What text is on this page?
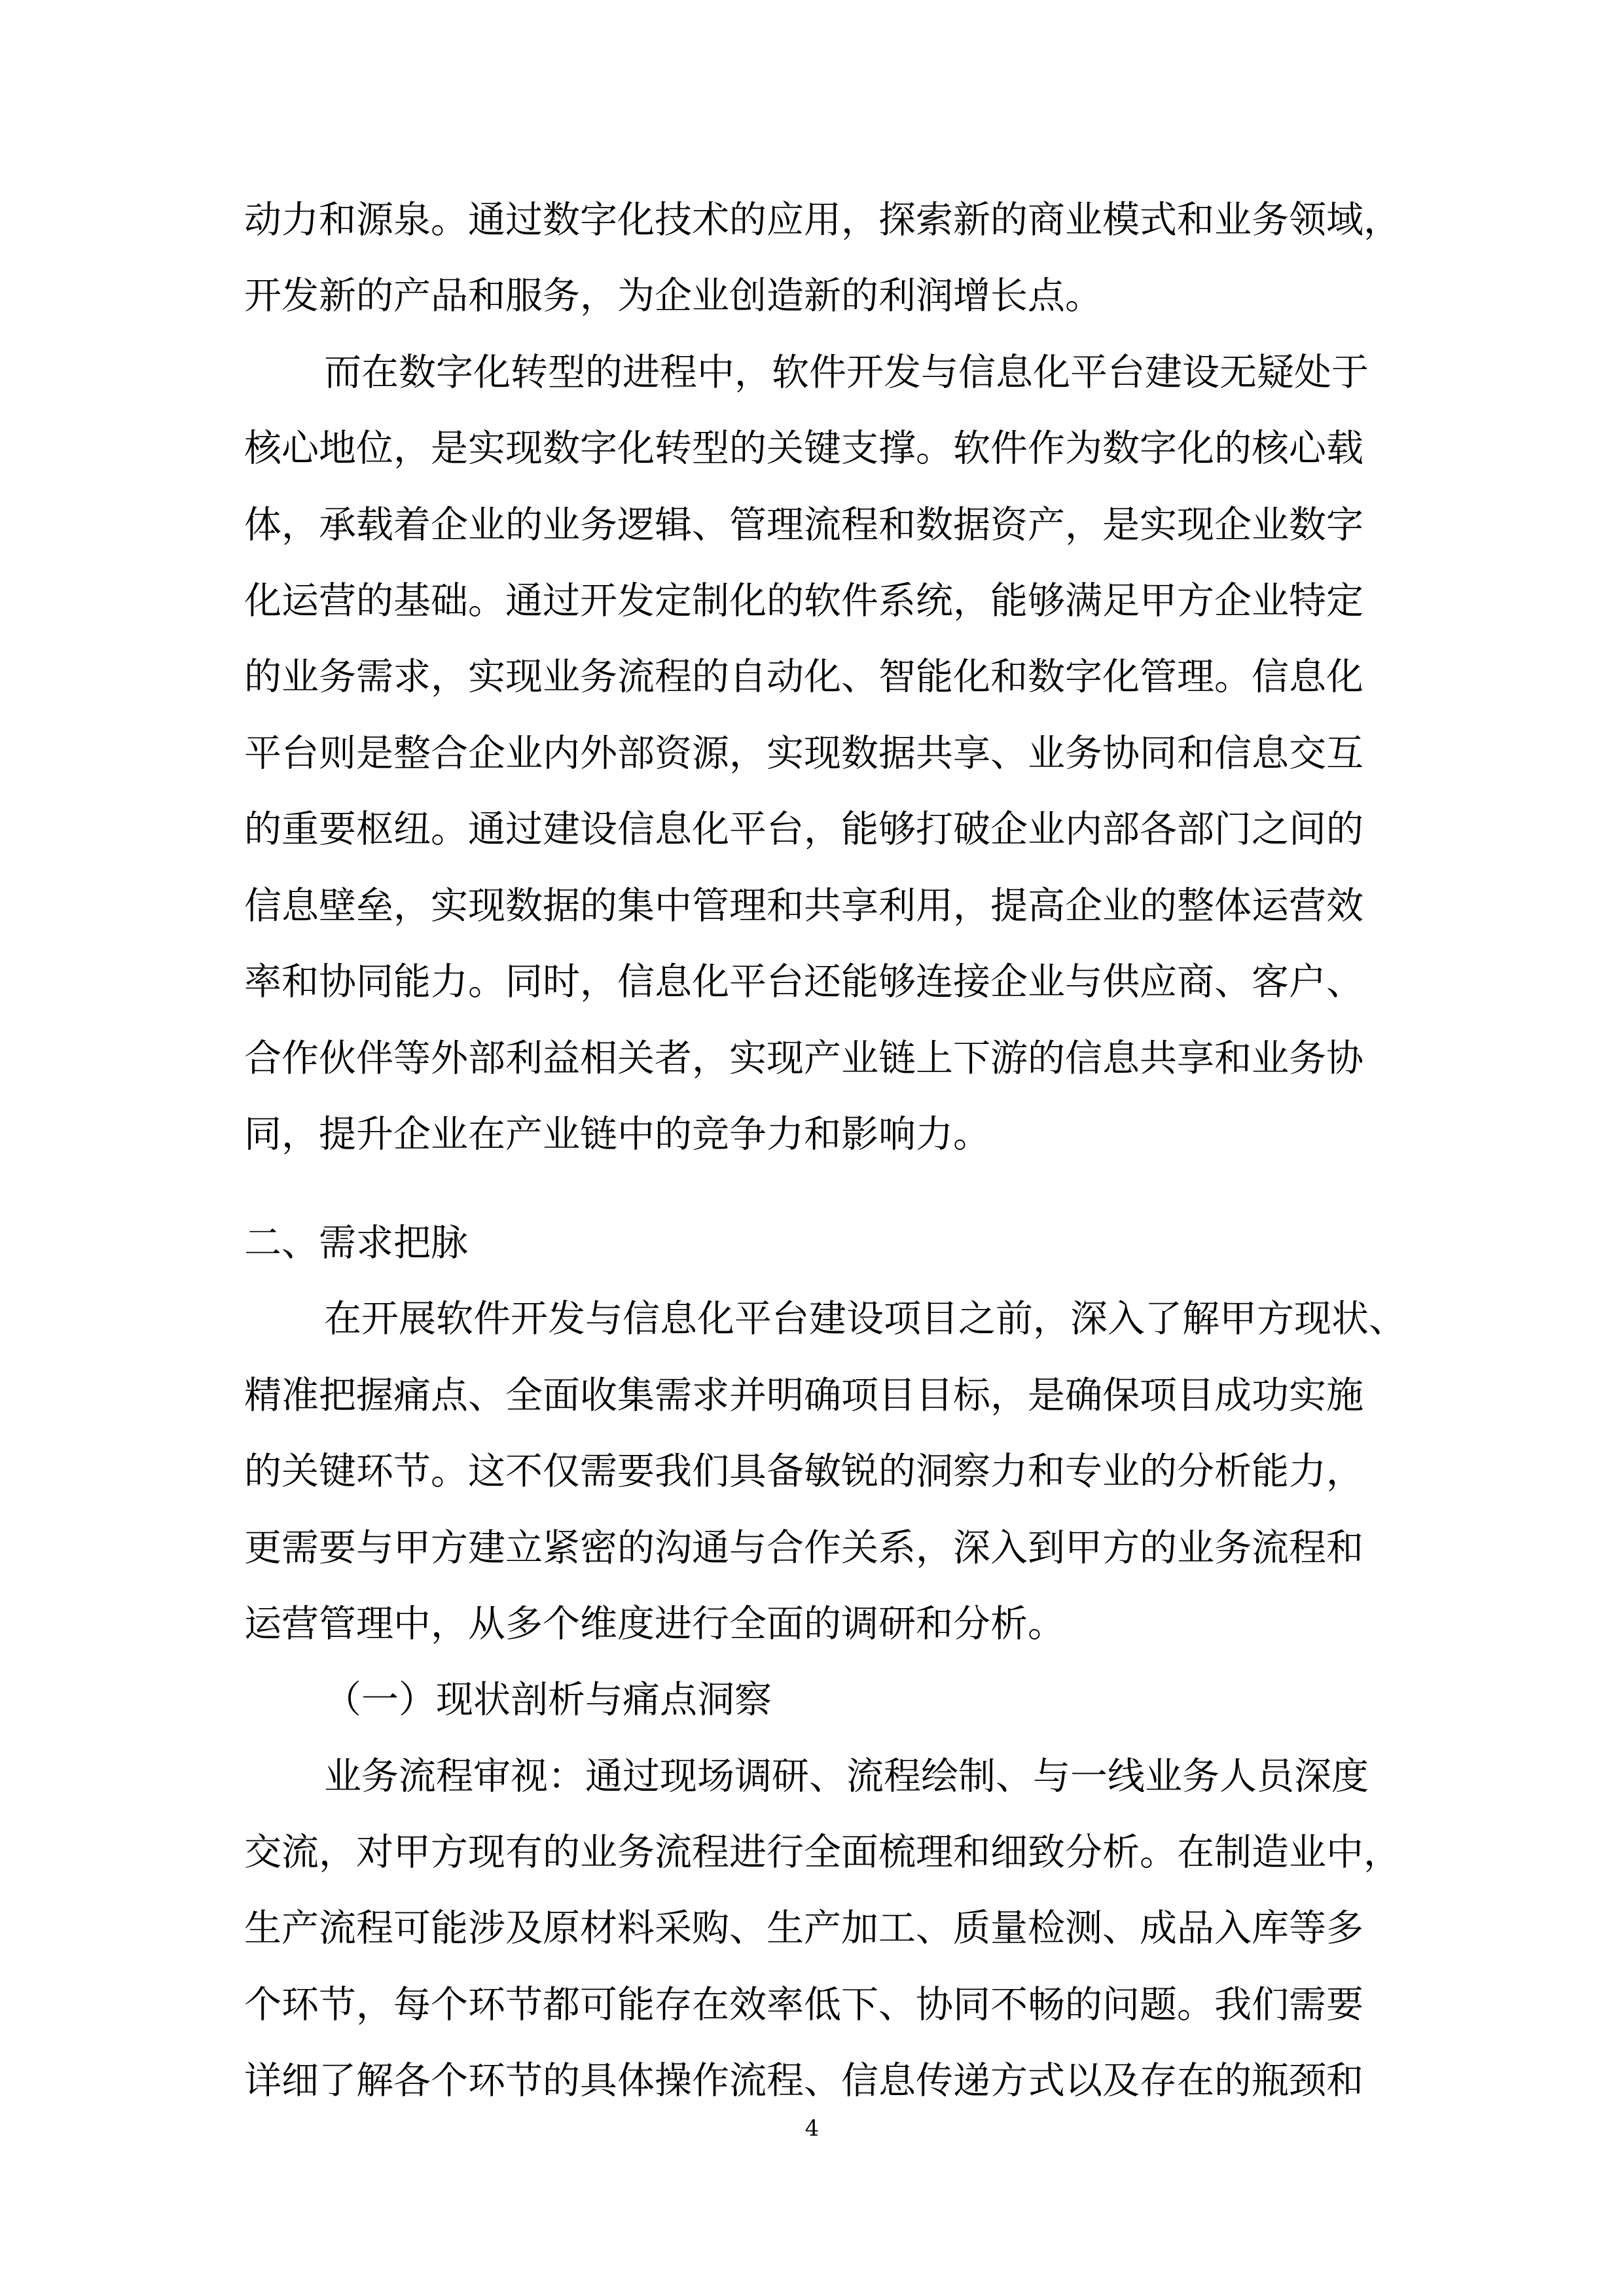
动力和源泉。通过数字化技术的应用，探索新的商业模式和业务领域，
开发新的产品和服务，为企业创造新的利润增长点。
而在数字化转型的进程中，软件开发与信息化平台建设无疑处于
核心地位，是实现数字化转型的关键支撑。软件作为数字化的核心载
体，承载着企业的业务逻辑、管理流程和数据资产，是实现企业数字
化运营的基础。通过开发定制化的软件系统，能够满足甲方企业特定
的业务需求，实现业务流程的自动化、智能化和数字化管理。信息化
平台则是整合企业内外部资源，实现数据共享、业务协同和信息交互
的重要枢纽。通过建设信息化平台，能够打破企业内部各部门之间的
信息壁垒，实现数据的集中管理和共享利用，提高企业的整体运营效
率和协同能力。同时，信息化平台还能够连接企业与供应商、客户、
合作伙伴等外部利益相关者，实现产业链上下游的信息共享和业务协
同，提升企业在产业链中的竞争力和影响力。
二、需求把脉
在开展软件开发与信息化平台建设项目之前，深入了解甲方现状、
精准把握痛点、全面收集需求并明确项目目标，是确保项目成功实施
的关键环节。这不仅需要我们具备敏锐的洞察力和专业的分析能力，
更需要与甲方建立紧密的沟通与合作关系，深入到甲方的业务流程和
运营管理中，从多个维度进行全面的调研和分析。
（一）现状剖析与痛点洞察
业务流程审视：通过现场调研、流程绘制、与一线业务人员深度
交流，对甲方现有的业务流程进行全面梳理和细致分析。在制造业中，
生产流程可能涉及原材料采购、生产加工、质量检测、成品入库等多
个环节，每个环节都可能存在效率低下、协同不畅的问题。我们需要
详细了解各个环节的具体操作流程、信息传递方式以及存在的瓶颈和
4
